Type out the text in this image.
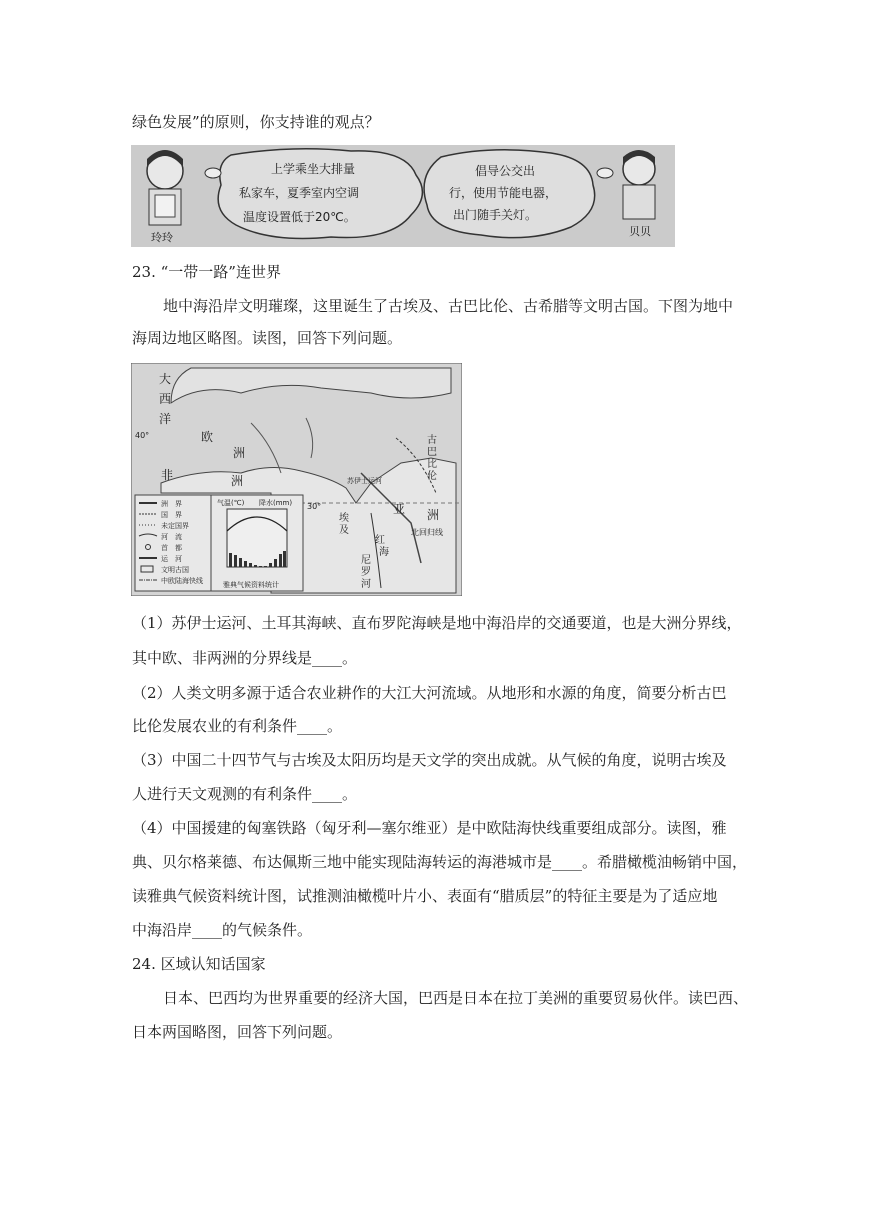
绿色发展”的原则，你支持谁的观点？
玲玲
上学乘坐大排量
私家车，夏季室内空调
温度设置低于20℃。
倡导公交出
行，使用节能电器，
出门随手关灯。
贝贝
23. “一带一路”连世界
地中海沿岸文明璀璨，这里诞生了古埃及、古巴比伦、古希腊等文明古国。下图为地中
海周边地区略图。读图，回答下列问题。
大
西
洋
欧
洲
非	洲
亚 洲
埃
及
古
巴
比
伦
红
海
尼
罗
河
北回归线
40°
30°
苏伊士运河
洲　界
国　界
未定国界
河　流
首　都
运　河
文明古国
中欧陆海快线
气温(℃) 降水(mm)
雅典气候资料统计
（1）苏伊士运河、土耳其海峡、直布罗陀海峡是地中海沿岸的交通要道，也是大洲分界线，
其中欧、非两洲的分界线是____。
（2）人类文明多源于适合农业耕作的大江大河流域。从地形和水源的角度，简要分析古巴
比伦发展农业的有利条件____。
（3）中国二十四节气与古埃及太阳历均是天文学的突出成就。从气候的角度，说明古埃及
人进行天文观测的有利条件____。
（4）中国援建的匈塞铁路（匈牙利—塞尔维亚）是中欧陆海快线重要组成部分。读图，雅
典、贝尔格莱德、布达佩斯三地中能实现陆海转运的海港城市是____。希腊橄榄油畅销中国，
读雅典气候资料统计图，试推测油橄榄叶片小、表面有“腊质层”的特征主要是为了适应地
中海沿岸____的气候条件。
24. 区域认知话国家
日本、巴西均为世界重要的经济大国，巴西是日本在拉丁美洲的重要贸易伙伴。读巴西、
日本两国略图，回答下列问题。
